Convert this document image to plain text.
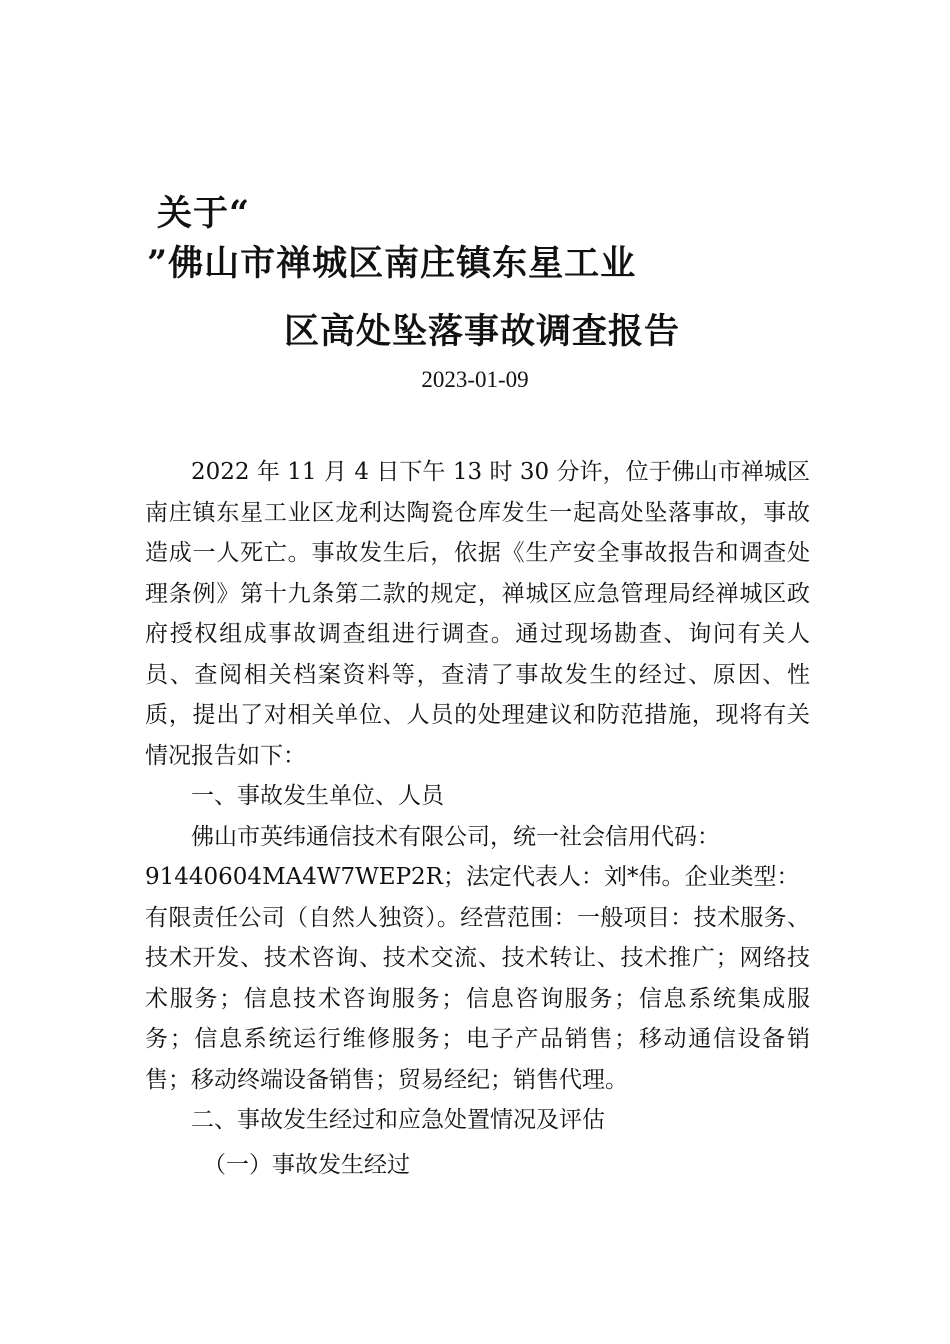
关于“
”佛山市禅城区南庄镇东星工业
区高处坠落事故调查报告
2023-01-09

2022 年 11 月 4 日下午 13 时 30 分许，位于佛山市禅城区南庄镇东星工业区龙利达陶瓷仓库发生一起高处坠落事故，事故造成一人死亡。事故发生后，依据《生产安全事故报告和调查处理条例》第十九条第二款的规定，禅城区应急管理局经禅城区政府授权组成事故调查组进行调查。通过现场勘查、询问有关人员、查阅相关档案资料等，查清了事故发生的经过、原因、性质，提出了对相关单位、人员的处理建议和防范措施，现将有关情况报告如下：

一、事故发生单位、人员

佛山市英纬通信技术有限公司，统一社会信用代码：

91440604MA4W7WEP2R；法定代表人：刘*伟。企业类型：

有限责任公司（自然人独资）。经营范围：一般项目：技术服务、技术开发、技术咨询、技术交流、技术转让、技术推广；网络技术服务；信息技术咨询服务；信息咨询服务；信息系统集成服务；信息系统运行维修服务；电子产品销售；移动通信设备销售；移动终端设备销售；贸易经纪；销售代理。

二、事故发生经过和应急处置情况及评估

（一）事故发生经过
